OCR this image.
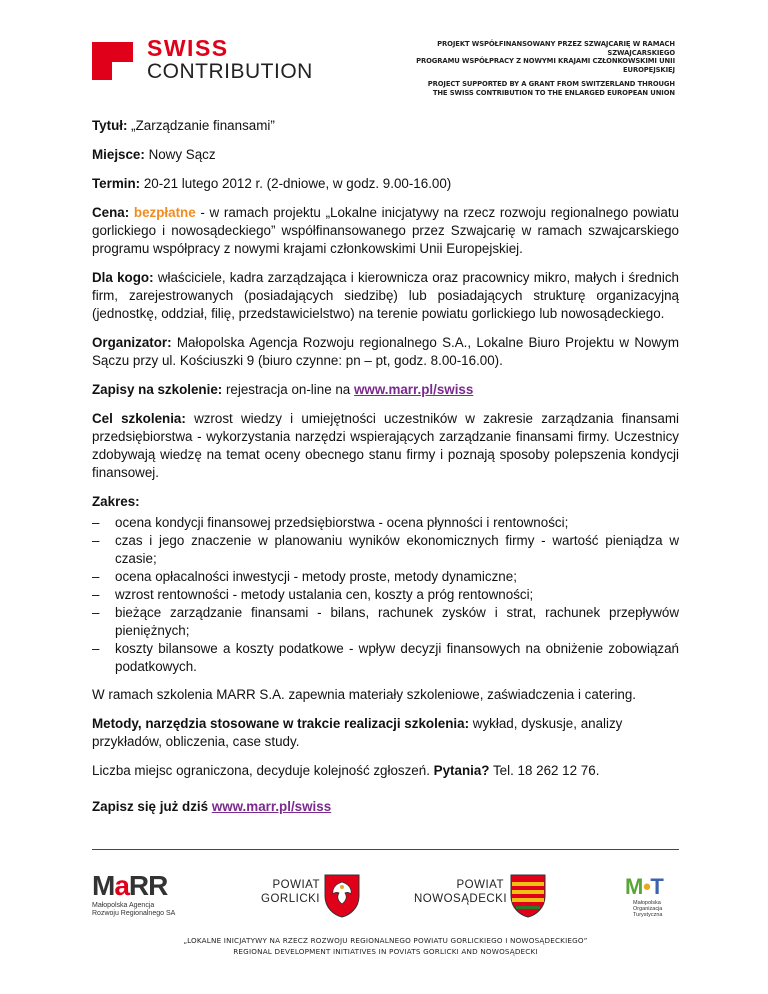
SWISS
CONTRIBUTION
PROJEKT WSPÓŁFINANSOWANY PRZEZ SZWAJCARIĘ W RAMACH SZWAJCARSKIEGO
PROGRAMU WSPÓŁPRACY Z NOWYMI KRAJAMI CZŁONKOWSKIMI UNII EUROPEJSKIEJ
PROJECT SUPPORTED BY A GRANT FROM SWITZERLAND THROUGH
THE SWISS CONTRIBUTION TO THE ENLARGED EUROPEAN UNION

Tytuł: „Zarządzanie finansami”

Miejsce: Nowy Sącz

Termin: 20-21 lutego 2012 r. (2-dniowe, w godz. 9.00-16.00)

Cena: bezpłatne - w ramach projektu „Lokalne inicjatywy na rzecz rozwoju regionalnego powiatu gorlickiego i nowosądeckiego” współfinansowanego przez Szwajcarię w ramach szwajcarskiego programu współpracy z nowymi krajami członkowskimi Unii Europejskiej.

Dla kogo: właściciele, kadra zarządzająca i kierownicza oraz pracownicy mikro, małych i średnich firm, zarejestrowanych (posiadających siedzibę) lub posiadających strukturę organizacyjną (jednostkę, oddział, filię, przedstawicielstwo) na terenie powiatu gorlickiego lub nowosądeckiego.

Organizator: Małopolska Agencja Rozwoju regionalnego S.A., Lokalne Biuro Projektu w Nowym Sączu przy ul. Kościuszki 9 (biuro czynne: pn – pt, godz. 8.00-16.00).

Zapisy na szkolenie: rejestracja on-line na www.marr.pl/swiss

Cel szkolenia: wzrost wiedzy i umiejętności uczestników w zakresie zarządzania finansami przedsiębiorstwa - wykorzystania narzędzi wspierających zarządzanie finansami firmy. Uczestnicy zdobywają wiedzę na temat oceny obecnego stanu firmy i poznają sposoby polepszenia kondycji finansowej.

Zakres:

– ocena kondycji finansowej przedsiębiorstwa - ocena płynności i rentowności;
– czas i jego znaczenie w planowaniu wyników ekonomicznych firmy - wartość pieniądza w czasie;
– ocena opłacalności inwestycji - metody proste, metody dynamiczne;
– wzrost rentowności - metody ustalania cen, koszty a próg rentowności;
– bieżące zarządzanie finansami - bilans, rachunek zysków i strat, rachunek przepływów pieniężnych;
– koszty bilansowe a koszty podatkowe - wpływ decyzji finansowych na obniżenie zobowiązań podatkowych.

W ramach szkolenia MARR S.A. zapewnia materiały szkoleniowe, zaświadczenia i catering.

Metody, narzędzia stosowane w trakcie realizacji szkolenia: wykład, dyskusje, analizy przykładów, obliczenia, case study.

Liczba miejsc ograniczona, decyduje kolejność zgłoszeń. Pytania? Tel. 18 262 12 76.

Zapisz się już dziś www.marr.pl/swiss

MaRR
Małopolska Agencja
Rozwoju Regionalnego SA
POWIAT
GORLICKI
POWIAT
NOWOSĄDECKI	M●T
Małopolska
Organizacja
Turystyczna
„LOKALNE INICJATYWY NA RZECZ ROZWOJU REGIONALNEGO POWIATU GORLICKIEGO I NOWOSĄDECKIEGO”
REGIONAL DEVELOPMENT INITIATIVES IN POVIATS GORLICKI AND NOWOSĄDECKI
